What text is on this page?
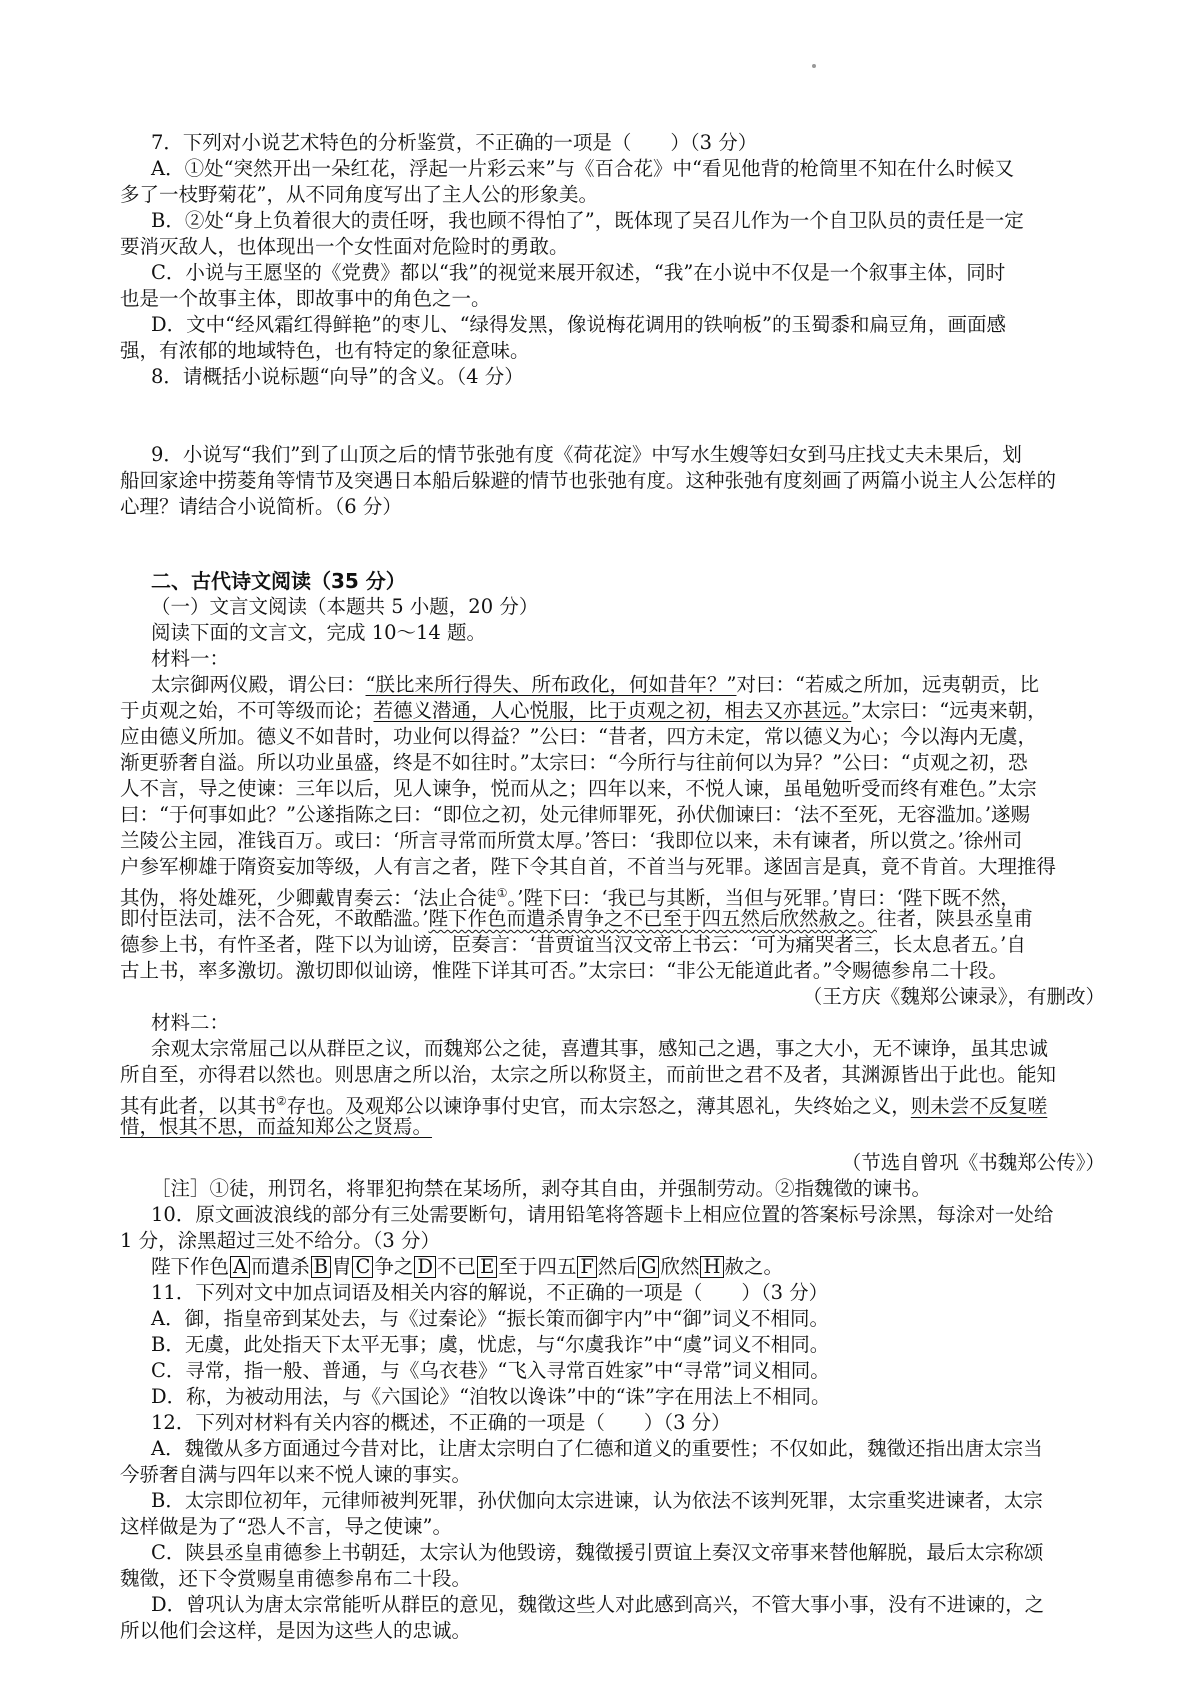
7．下列对小说艺术特色的分析鉴赏，不正确的一项是（　　）（3 分）
A．①处“突然开出一朵红花，浮起一片彩云来”与《百合花》中“看见他背的枪筒里不知在什么时候又
多了一枝野菊花”，从不同角度写出了主人公的形象美。
B．②处“身上负着很大的责任呀，我也顾不得怕了”，既体现了吴召儿作为一个自卫队员的责任是一定
要消灭敌人，也体现出一个女性面对危险时的勇敢。
C．小说与王愿坚的《党费》都以“我”的视觉来展开叙述，“我”在小说中不仅是一个叙事主体，同时
也是一个故事主体，即故事中的角色之一。
D．文中“经风霜红得鲜艳”的枣儿、“绿得发黑，像说梅花调用的铁响板”的玉蜀黍和扁豆角，画面感
强，有浓郁的地域特色，也有特定的象征意味。
8．请概括小说标题“向导”的含义。（4 分）
9．小说写“我们”到了山顶之后的情节张弛有度《荷花淀》中写水生嫂等妇女到马庄找丈夫未果后，划
船回家途中捞菱角等情节及突遇日本船后躲避的情节也张弛有度。这种张弛有度刻画了两篇小说主人公怎样的
心理？请结合小说简析。（6 分）
二、古代诗文阅读（35 分）
（一）文言文阅读（本题共 5 小题，20 分）
阅读下面的文言文，完成 10～14 题。
材料一：
太宗御两仪殿，谓公曰：“朕比来所行得失、所布政化，何如昔年？”对曰：“若威之所加，远夷朝贡，比
于贞观之始，不可等级而论；若德义潜通，人心悦服，比于贞观之初，相去又亦甚远。”太宗曰：“远夷来朝，
应由德义所加。德义不如昔时，功业何以得益？”公曰：“昔者，四方未定，常以德义为心；今以海内无虞，
渐更骄奢自溢。所以功业虽盛，终是不如往时。”太宗曰：“今所行与往前何以为异？”公曰：“贞观之初，恐
人不言，导之使谏：三年以后，见人谏争，悦而从之；四年以来，不悦人谏，虽黾勉听受而终有难色。”太宗
曰：“于何事如此？”公遂指陈之曰：“即位之初，处元律师罪死，孙伏伽谏曰：‘法不至死，无容滥加。’遂赐
兰陵公主园，准钱百万。或曰：‘所言寻常而所赏太厚。’答曰：‘我即位以来，未有谏者，所以赏之。’徐州司
户参军柳雄于隋资妄加等级，人有言之者，陛下令其自首，不首当与死罪。遂固言是真，竟不肯首。大理推得
其伪，将处雄死，少卿戴胄奏云：‘法止合徒①。’陛下曰：‘我已与其断，当但与死罪。’胄曰：‘陛下既不然，
即付臣法司，法不合死，不敢酷滥。’陛下作色而遣杀胄争之不已至于四五然后欣然赦之。往者，陕县丞皇甫
德参上书，有忤圣者，陛下以为讪谤，臣奏言：‘昔贾谊当汉文帝上书云：‘可为痛哭者三，长太息者五。’自
古上书，率多激切。激切即似讪谤，惟陛下详其可否。”太宗曰：“非公无能道此者。”令赐德参帛二十段。
（王方庆《魏郑公谏录》，有删改）
材料二：
余观太宗常屈己以从群臣之议，而魏郑公之徒，喜遭其事，感知己之遇，事之大小，无不谏诤，虽其忠诚
所自至，亦得君以然也。则思唐之所以治，太宗之所以称贤主，而前世之君不及者，其渊源皆出于此也。能知
其有此者，以其书②存也。及观郑公以谏诤事付史官，而太宗怒之，薄其恩礼，失终始之义，则未尝不反复嗟
惜，恨其不思，而益知郑公之贤焉。
（节选自曾巩《书魏郑公传》）
［注］①徒，刑罚名，将罪犯拘禁在某场所，剥夺其自由，并强制劳动。②指魏徵的谏书。
10．原文画波浪线的部分有三处需要断句，请用铅笔将答题卡上相应位置的答案标号涂黑，每涂对一处给
1 分，涂黑超过三处不给分。（3 分）
陛下作色 A 而遣杀 B 胄 C 争之 D 不已 E 至于四五 F 然后 G 欣然 H 赦之。
11．下列对文中加点词语及相关内容的解说，不正确的一项是（　　）（3 分）
A．御，指皇帝到某处去，与《过秦论》“振长策而御宇内”中“御”词义不相同。
B．无虞，此处指天下太平无事；虞，忧虑，与“尔虞我诈”中“虞”词义不相同。
C．寻常，指一般、普通，与《乌衣巷》“飞入寻常百姓家”中“寻常”词义相同。
D．称，为被动用法，与《六国论》“洎牧以谗诛”中的“诛”字在用法上不相同。
12．下列对材料有关内容的概述，不正确的一项是（　　）（3 分）
A．魏徵从多方面通过今昔对比，让唐太宗明白了仁德和道义的重要性；不仅如此，魏徵还指出唐太宗当
今骄奢自满与四年以来不悦人谏的事实。
B．太宗即位初年，元律师被判死罪，孙伏伽向太宗进谏，认为依法不该判死罪，太宗重奖进谏者，太宗
这样做是为了“恐人不言，导之使谏”。
C．陕县丞皇甫德参上书朝廷，太宗认为他毁谤，魏徵援引贾谊上奏汉文帝事来替他解脱，最后太宗称颂
魏徵，还下令赏赐皇甫德参帛布二十段。
D．曾巩认为唐太宗常能听从群臣的意见，魏徵这些人对此感到高兴，不管大事小事，没有不进谏的，之
所以他们会这样，是因为这些人的忠诚。
